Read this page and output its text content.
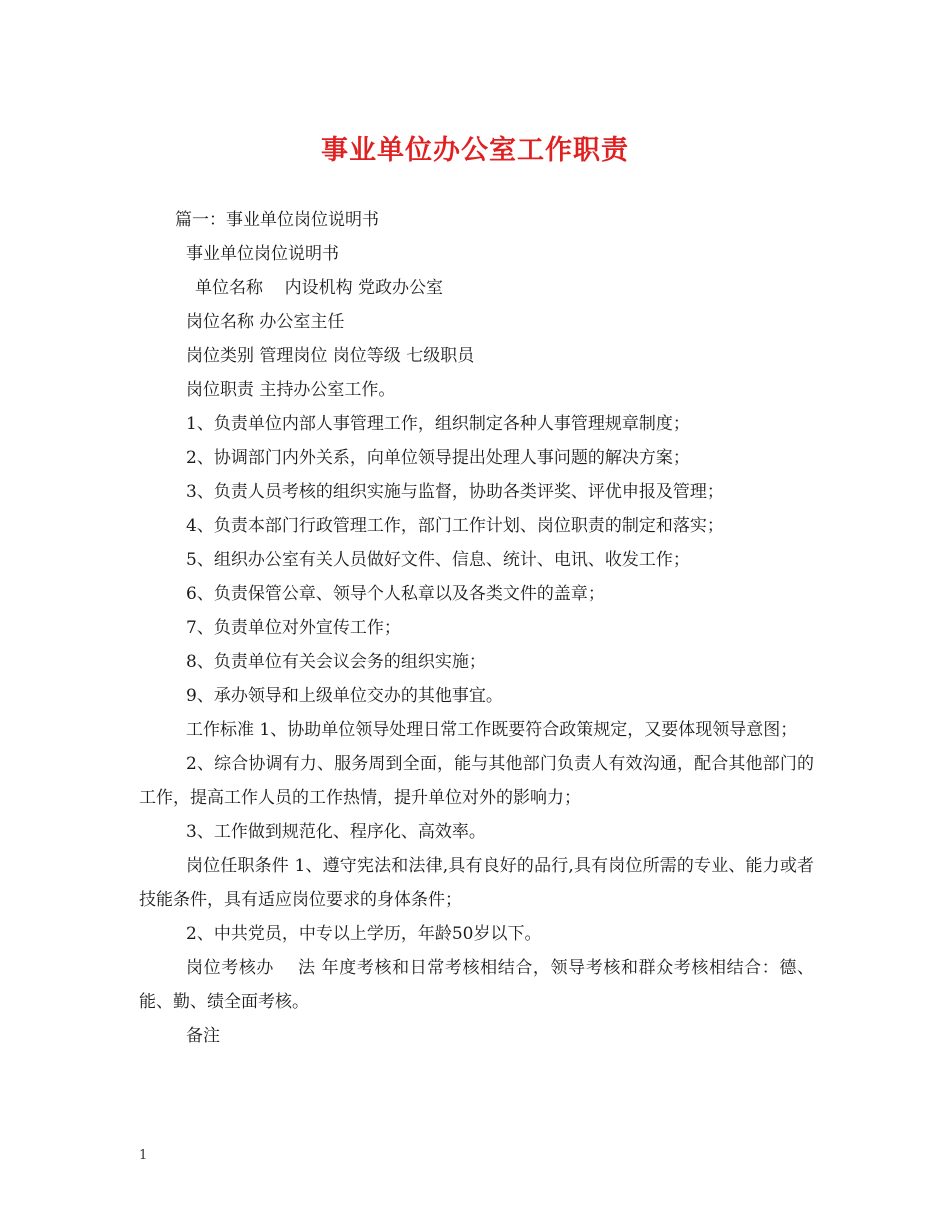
事业单位办公室工作职责
篇一：事业单位岗位说明书
事业单位岗位说明书
单位名称    内设机构 党政办公室
岗位名称 办公室主任
岗位类别 管理岗位 岗位等级 七级职员
岗位职责 主持办公室工作。
1、负责单位内部人事管理工作，组织制定各种人事管理规章制度；
2、协调部门内外关系，向单位领导提出处理人事问题的解决方案；
3、负责人员考核的组织实施与监督，协助各类评奖、评优申报及管理；
4、负责本部门行政管理工作，部门工作计划、岗位职责的制定和落实；
5、组织办公室有关人员做好文件、信息、统计、电讯、收发工作；
6、负责保管公章、领导个人私章以及各类文件的盖章；
7、负责单位对外宣传工作；
8、负责单位有关会议会务的组织实施；
9、承办领导和上级单位交办的其他事宜。
工作标准 1、协助单位领导处理日常工作既要符合政策规定，又要体现领导意图；
2、综合协调有力、服务周到全面，能与其他部门负责人有效沟通，配合其他部门的工作，提高工作人员的工作热情，提升单位对外的影响力；
3、工作做到规范化、程序化、高效率。
岗位任职条件 1、遵守宪法和法律,具有良好的品行,具有岗位所需的专业、能力或者技能条件，具有适应岗位要求的身体条件；
2、中共党员，中专以上学历，年龄50岁以下。
岗位考核办    法 年度考核和日常考核相结合，领导考核和群众考核相结合：德、能、勤、绩全面考核。
备注
1
